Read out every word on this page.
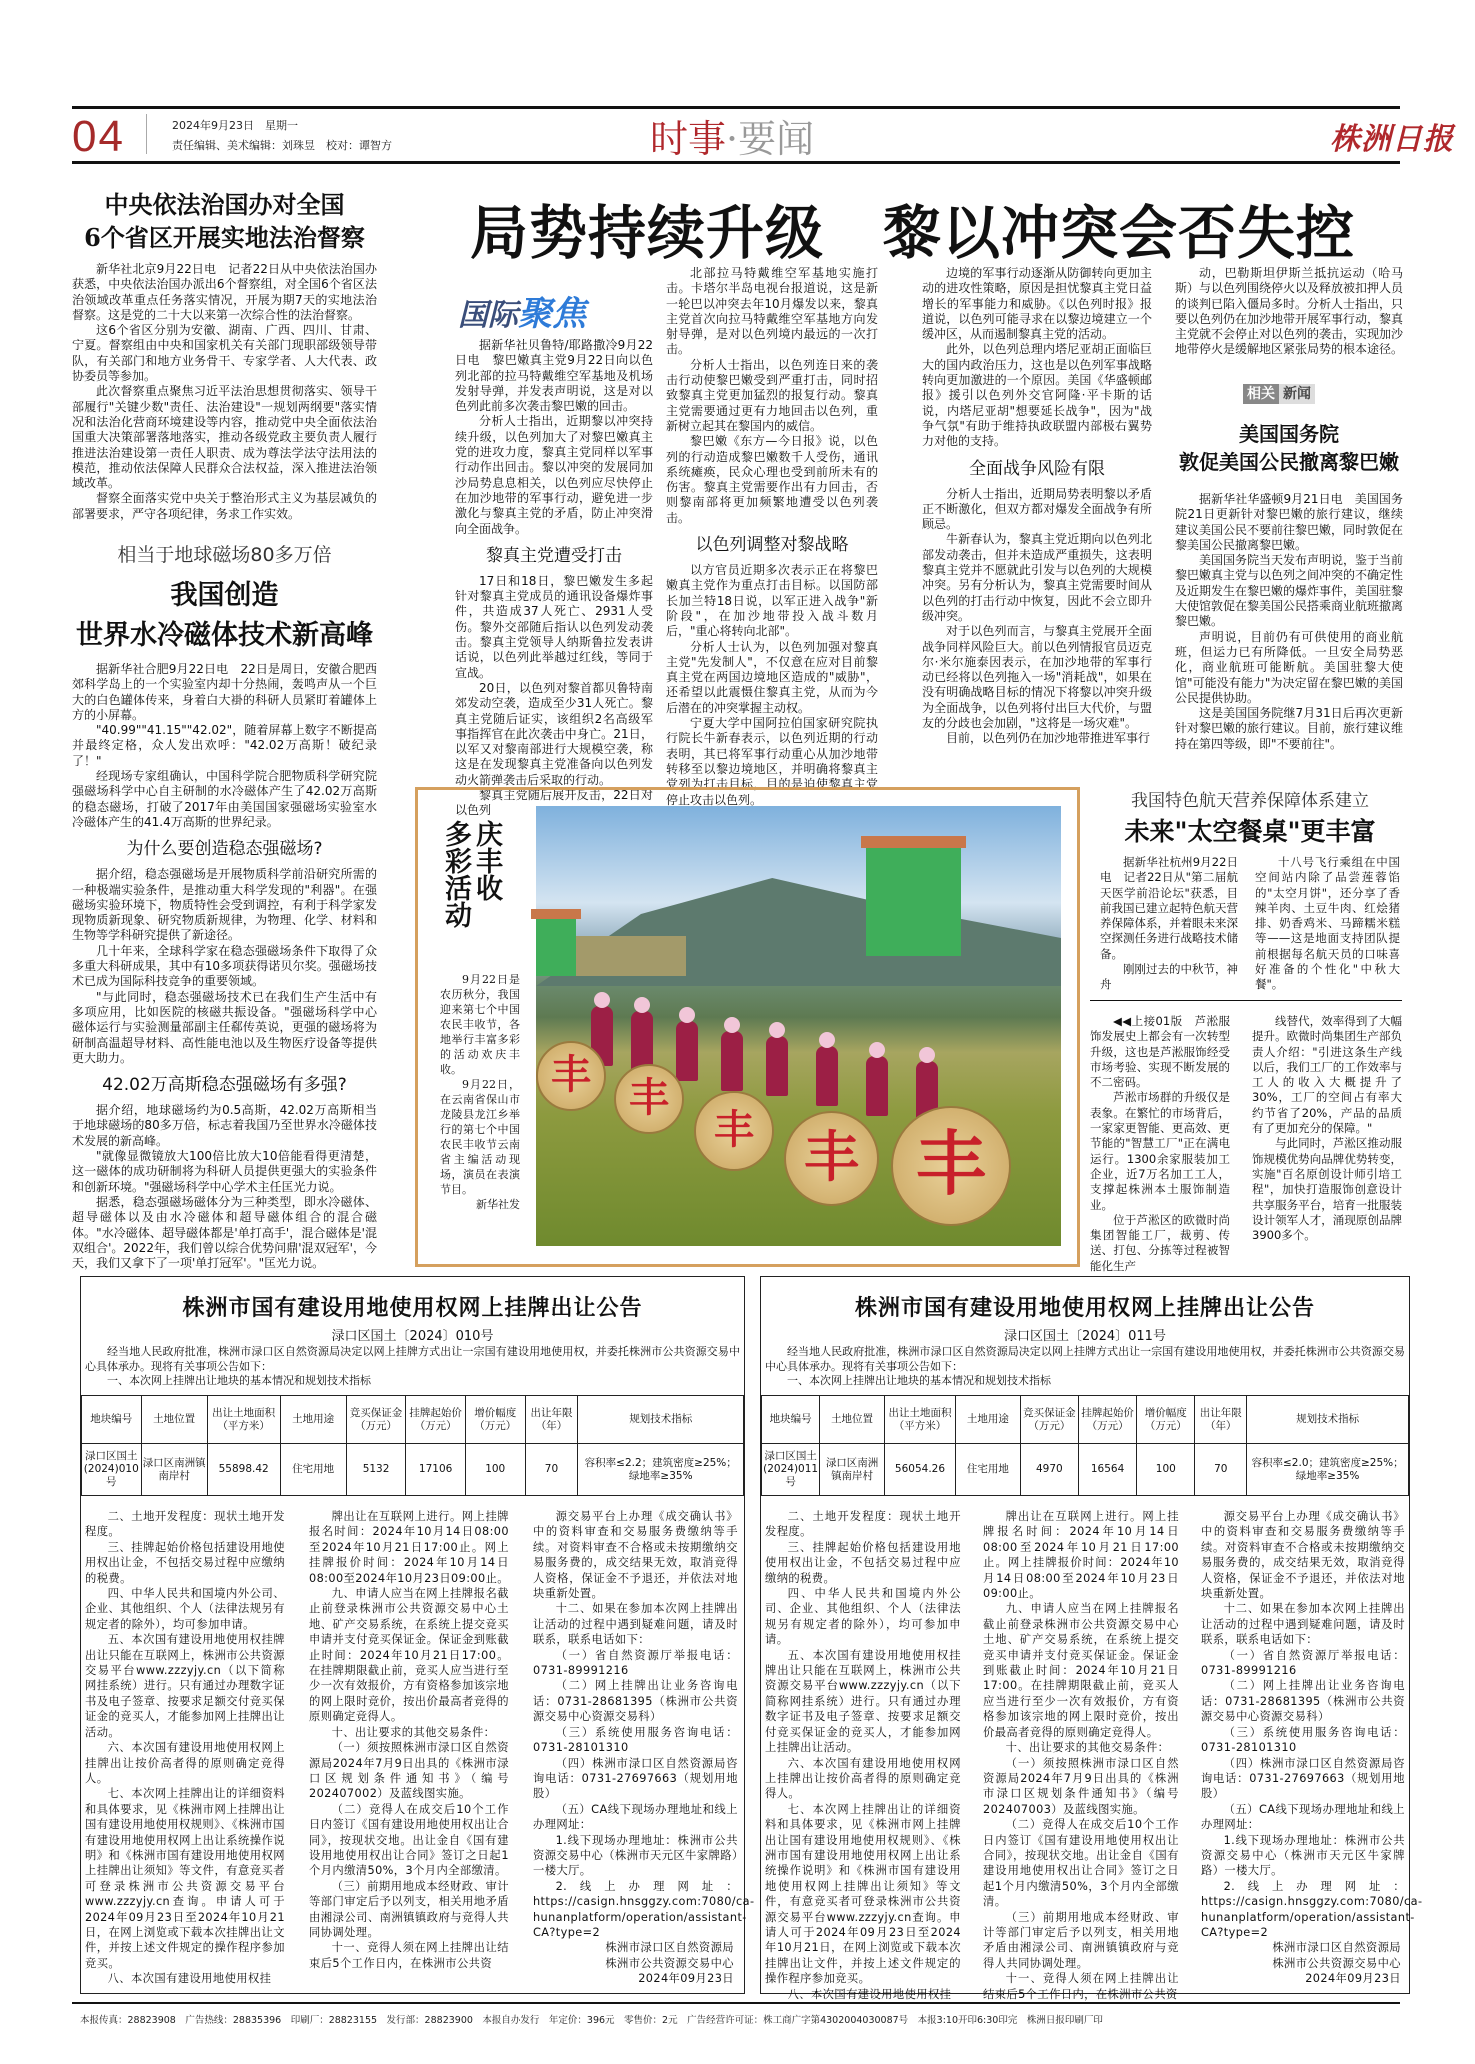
04	2024年9月23日　星期一
责任编辑、美术编辑：刘珠昱　校对：谭智方	时事·要闻	株洲日报
中央依法治国办对全国
6个省区开展实地法治督察

新华社北京9月22日电　记者22日从中央依法治国办获悉，中央依法治国办派出6个督察组，对全国6个省区法治领域改革重点任务落实情况，开展为期7天的实地法治督察。这是党的二十大以来第一次综合性的法治督察。

这6个省区分别为安徽、湖南、广西、四川、甘肃、宁夏。督察组由中央和国家机关有关部门现职部级领导带队，有关部门和地方业务骨干、专家学者、人大代表、政协委员等参加。

此次督察重点聚焦习近平法治思想贯彻落实、领导干部履行"关键少数"责任、法治建设"一规划两纲要"落实情况和法治化营商环境建设等内容，推动党中央全面依法治国重大决策部署落地落实，推动各级党政主要负责人履行推进法治建设第一责任人职责、成为尊法学法守法用法的模范，推动依法保障人民群众合法权益，深入推进法治领域改革。

督察全面落实党中央关于整治形式主义为基层减负的部署要求，严守各项纪律，务求工作实效。

相当于地球磁场80多万倍
我国创造
世界水冷磁体技术新高峰

据新华社合肥9月22日电　22日是周日，安徽合肥西郊科学岛上的一个实验室内却十分热闹，轰鸣声从一个巨大的白色罐体传来，身着白大褂的科研人员紧盯着罐体上方的小屏幕。

"40.99""41.15""42.02"，随着屏幕上数字不断提高并最终定格，众人发出欢呼："42.02万高斯！破纪录了！"

经现场专家组确认，中国科学院合肥物质科学研究院强磁场科学中心自主研制的水冷磁体产生了42.02万高斯的稳态磁场，打破了2017年由美国国家强磁场实验室水冷磁体产生的41.4万高斯的世界纪录。

为什么要创造稳态强磁场?

据介绍，稳态强磁场是开展物质科学前沿研究所需的一种极端实验条件，是推动重大科学发现的"利器"。在强磁场实验环境下，物质特性会受到调控，有利于科学家发现物质新现象、研究物质新规律，为物理、化学、材料和生物等学科研究提供了新途径。

几十年来，全球科学家在稳态强磁场条件下取得了众多重大科研成果，其中有10多项获得诺贝尔奖。强磁场技术已成为国际科技竞争的重要领域。

"与此同时，稳态强磁场技术已在我们生产生活中有多项应用，比如医院的核磁共振设备。"强磁场科学中心磁体运行与实验测量部副主任郗传英说，更强的磁场将为研制高温超导材料、高性能电池以及生物医疗设备等提供更大助力。

42.02万高斯稳态强磁场有多强?

据介绍，地球磁场约为0.5高斯，42.02万高斯相当于地球磁场的80多万倍，标志着我国乃至世界水冷磁体技术发展的新高峰。

"就像显微镜放大100倍比放大10倍能看得更清楚，这一磁体的成功研制将为科研人员提供更强大的实验条件和创新环境。"强磁场科学中心学术主任匡光力说。

据悉，稳态强磁场磁体分为三种类型，即水冷磁体、超导磁体以及由水冷磁体和超导磁体组合的混合磁体。"水冷磁体、超导磁体都是'单打高手'，混合磁体是'混双组合'。2022年，我们曾以综合优势问鼎'混双冠军'，今天，我们又拿下了一项'单打冠军'。"匡光力说。

局势持续升级　黎以冲突会否失控
国际聚焦

据新华社贝鲁特/耶路撒冷9月22日电　黎巴嫩真主党9月22日向以色列北部的拉马特戴维空军基地及机场发射导弹，并发表声明说，这是对以色列此前多次袭击黎巴嫩的回击。

分析人士指出，近期黎以冲突持续升级，以色列加大了对黎巴嫩真主党的进攻力度，黎真主党同样以军事行动作出回击。黎以冲突的发展同加沙局势息息相关，以色列应尽快停止在加沙地带的军事行动，避免进一步激化与黎真主党的矛盾，防止冲突滑向全面战争。

黎真主党遭受打击

17日和18日，黎巴嫩发生多起针对黎真主党成员的通讯设备爆炸事件，共造成37人死亡、2931人受伤。黎外交部随后指认以色列发动袭击。黎真主党领导人纳斯鲁拉发表讲话说，以色列此举越过红线，等同于宣战。

20日，以色列对黎首都贝鲁特南郊发动空袭，造成至少31人死亡。黎真主党随后证实，该组织2名高级军事指挥官在此次袭击中身亡。21日，以军又对黎南部进行大规模空袭，称这是在发现黎真主党准备向以色列发动火箭弹袭击后采取的行动。

黎真主党随后展开反击，22日对以色列

北部拉马特戴维空军基地实施打击。卡塔尔半岛电视台报道说，这是新一轮巴以冲突去年10月爆发以来，黎真主党首次向拉马特戴维空军基地方向发射导弹，是对以色列境内最远的一次打击。

分析人士指出，以色列连日来的袭击行动使黎巴嫩受到严重打击，同时招致黎真主党更加猛烈的报复行动。黎真主党需要通过更有力地回击以色列，重新树立起其在黎国内的威信。

黎巴嫩《东方—今日报》说，以色列的行动造成黎巴嫩数千人受伤，通讯系统瘫痪，民众心理也受到前所未有的伤害。黎真主党需要作出有力回击，否则黎南部将更加频繁地遭受以色列袭击。

以色列调整对黎战略

以方官员近期多次表示正在将黎巴嫩真主党作为重点打击目标。以国防部长加兰特18日说，以军正进入战争"新阶段"，在加沙地带投入战斗数月后，"重心将转向北部"。

分析人士认为，以色列加强对黎真主党"先发制人"，不仅意在应对目前黎真主党在两国边境地区造成的"威胁"，还希望以此震慑住黎真主党，从而为今后潜在的冲突掌握主动权。

宁夏大学中国阿拉伯国家研究院执行院长牛新春表示，以色列近期的行动表明，其已将军事行动重心从加沙地带转移至以黎边境地区，并明确将黎真主党列为打击目标，目的是迫使黎真主党停止攻击以色列。

边境的军事行动逐渐从防御转向更加主动的进攻性策略，原因是担忧黎真主党日益增长的军事能力和威胁。《以色列时报》报道说，以色列可能寻求在以黎边境建立一个缓冲区，从而遏制黎真主党的活动。

此外，以色列总理内塔尼亚胡正面临巨大的国内政治压力，这也是以色列军事战略转向更加激进的一个原因。美国《华盛顿邮报》援引以色列外交官阿隆·平卡斯的话说，内塔尼亚胡"想要延长战争"，因为"战争气氛"有助于维持执政联盟内部极右翼势力对他的支持。

全面战争风险有限

分析人士指出，近期局势表明黎以矛盾正不断激化，但双方都对爆发全面战争有所顾忌。

牛新春认为，黎真主党近期向以色列北部发动袭击，但并未造成严重损失，这表明黎真主党并不愿就此引发与以色列的大规模冲突。另有分析认为，黎真主党需要时间从以色列的打击行动中恢复，因此不会立即升级冲突。

对于以色列而言，与黎真主党展开全面战争同样风险巨大。前以色列情报官员迈克尔·米尔施泰因表示，在加沙地带的军事行动已经将以色列拖入一场"消耗战"，如果在没有明确战略目标的情况下将黎以冲突升级为全面战争，以色列将付出巨大代价，与盟友的分歧也会加剧，"这将是一场灾难"。

目前，以色列仍在加沙地带推进军事行

动，巴勒斯坦伊斯兰抵抗运动（哈马斯）与以色列围绕停火以及释放被扣押人员的谈判已陷入僵局多时。分析人士指出，只要以色列仍在加沙地带开展军事行动，黎真主党就不会停止对以色列的袭击，实现加沙地带停火是缓解地区紧张局势的根本途径。

相关 新闻
美国国务院
敦促美国公民撤离黎巴嫩

据新华社华盛顿9月21日电　美国国务院21日更新针对黎巴嫩的旅行建议，继续建议美国公民不要前往黎巴嫩，同时敦促在黎美国公民撤离黎巴嫩。

美国国务院当天发布声明说，鉴于当前黎巴嫩真主党与以色列之间冲突的不确定性及近期发生在黎巴嫩的爆炸事件，美国驻黎大使馆敦促在黎美国公民搭乘商业航班撤离黎巴嫩。

声明说，目前仍有可供使用的商业航班，但运力已有所降低。一旦安全局势恶化，商业航班可能断航。美国驻黎大使馆"可能没有能力"为决定留在黎巴嫩的美国公民提供协助。

这是美国国务院继7月31日后再次更新针对黎巴嫩的旅行建议。目前，旅行建议维持在第四等级，即"不要前往"。

庆丰收
多彩活动

9月22日是农历秋分，我国迎来第七个中国农民丰收节，各地举行丰富多彩的活动欢庆丰收。

9月22日，在云南省保山市龙陵县龙江乡举行的第七个中国农民丰收节云南省主编活动现场，演员在表演节目。

新华社发

丰 丰
丰 丰 丰
我国特色航天营养保障体系建立
未来"太空餐桌"更丰富

据新华社杭州9月22日电　记者22日从"第二届航天医学前沿论坛"获悉，目前我国已建立起特色航天营养保障体系，并着眼未来深空探测任务进行战略技术储备。

刚刚过去的中秋节，神舟

十八号飞行乘组在中国空间站内除了品尝莲蓉馅的"太空月饼"，还分享了香辣羊肉、土豆牛肉、红烩猪排、奶香鸡米、马蹄糯米糕等——这是地面支持团队提前根据每名航天员的口味喜好准备的个性化"中秋大餐"。

◀◀上接01版　芦淞服饰发展史上都会有一次转型升级，这也是芦淞服饰经受市场考验、实现不断发展的不二密码。

芦淞市场群的升级仅是表象。在繁忙的市场背后，一家家更智能、更高效、更节能的"智慧工厂"正在满电运行。1300余家服装加工企业，近7万名加工工人，支撑起株洲本土服饰制造业。

位于芦淞区的欧微时尚集团智能工厂，裁剪、传送、打包、分拣等过程被智能化生产

线替代，效率得到了大幅提升。欧微时尚集团生产部负责人介绍："引进这条生产线以后，我们工厂的工作效率与工人的收入大概提升了30%，工厂的空间占有率大约节省了20%，产品的品质有了更加充分的保障。"

与此同时，芦淞区推动服饰规模优势向品牌优势转变，实施"百名原创设计师引培工程"，加快打造服饰创意设计共享服务平台，培育一批服装设计领军人才，涌现原创品牌3900多个。

株洲市国有建设用地使用权网上挂牌出让公告
渌口区国土〔2024〕010号

经当地人民政府批准，株洲市渌口区自然资源局决定以网上挂牌方式出让一宗国有建设用地使用权，并委托株洲市公共资源交易中心具体承办。现将有关事项公告如下：

一、本次网上挂牌出让地块的基本情况和规划技术指标

地块编号	土地位置	出让土地面积（平方米）	土地用途	竞买保证金（万元）	挂牌起始价（万元）	增价幅度（万元）	出让年限（年）	规划技术指标
渌口区国土(2024)010号	渌口区南洲镇南岸村	55898.42	住宅用地	5132	17106	100	70	容积率≤2.2；建筑密度≥25%；绿地率≥35%

二、土地开发程度：现状土地开发程度。

三、挂牌起始价格包括建设用地使用权出让金，不包括交易过程中应缴纳的税费。

四、中华人民共和国境内外公司、企业、其他组织、个人（法律法规另有规定者的除外），均可参加申请。

五、本次国有建设用地使用权挂牌出让只能在互联网上，株洲市公共资源交易平台www.zzzyjy.cn（以下简称网挂系统）进行。只有通过办理数字证书及电子签章、按要求足额交付竞买保证金的竞买人，才能参加网上挂牌出让活动。

六、本次国有建设用地使用权网上挂牌出让按价高者得的原则确定竞得人。

七、本次网上挂牌出让的详细资料和具体要求，见《株洲市网上挂牌出让国有建设用地使用权规则》、《株洲市国有建设用地使用权网上出让系统操作说明》和《株洲市国有建设用地使用权网上挂牌出让须知》等文件，有意竞买者可登录株洲市公共资源交易平台www.zzzyjy.cn查询。申请人可于2024年09月23日至2024年10月21日，在网上浏览或下载本次挂牌出让文件，并按上述文件规定的操作程序参加竞买。

八、本次国有建设用地使用权挂

牌出让在互联网上进行。网上挂牌报名时间：2024年10月14日08:00至2024年10月21日17:00止。网上挂牌报价时间：2024年10月14日08:00至2024年10月23日09:00止。

九、申请人应当在网上挂牌报名截止前登录株洲市公共资源交易中心土地、矿产交易系统，在系统上提交竞买申请并支付竞买保证金。保证金到账截止时间：2024年10月21日17:00。在挂牌期限截止前，竞买人应当进行至少一次有效报价，方有资格参加该宗地的网上限时竞价，按出价最高者竞得的原则确定竞得人。

十、出让要求的其他交易条件：

（一）须按照株洲市渌口区自然资源局2024年7月9日出具的《株洲市渌口区规划条件通知书》（编号202407002）及蓝线图实施。

（二）竞得人在成交后10个工作日内签订《国有建设用地使用权出让合同》，按现状交地。出让金自《国有建设用地使用权出让合同》签订之日起1个月内缴清50%，3个月内全部缴清。

（三）前期用地成本经财政、审计等部门审定后予以列支，相关用地矛盾由湘渌公司、南洲镇镇政府与竞得人共同协调处理。

十一、竞得人须在网上挂牌出让结束后5个工作日内，在株洲市公共资

源交易平台上办理《成交确认书》中的资料审查和交易服务费缴纳等手续。对资料审查不合格或未按期缴纳交易服务费的，成交结果无效，取消竞得人资格，保证金不予退还，并依法对地块重新处置。

十二、如果在参加本次网上挂牌出让活动的过程中遇到疑难问题，请及时联系，联系电话如下：

（一）省自然资源厅举报电话：0731-89991216

（二）网上挂牌出让业务咨询电话：0731-28681395（株洲市公共资源交易中心资源交易科）

（三）系统使用服务咨询电话：0731-28101310

（四）株洲市渌口区自然资源局咨询电话：0731-27697663（规划用地股）

（五）CA线下现场办理地址和线上办理网址：

1.线下现场办理地址：株洲市公共资源交易中心（株洲市天元区牛家牌路）一楼大厅。

2.线上办理网址：https://casign.hnsggzy.com:7080/ca-hunanplatform/operation/assistant-CA?type=2

株洲市渌口区自然资源局

株洲市公共资源交易中心

2024年09月23日

株洲市国有建设用地使用权网上挂牌出让公告
渌口区国土〔2024〕011号

经当地人民政府批准，株洲市渌口区自然资源局决定以网上挂牌方式出让一宗国有建设用地使用权，并委托株洲市公共资源交易中心具体承办。现将有关事项公告如下：

一、本次网上挂牌出让地块的基本情况和规划技术指标

地块编号	土地位置	出让土地面积（平方米）	土地用途	竞买保证金（万元）	挂牌起始价（万元）	增价幅度（万元）	出让年限（年）	规划技术指标
渌口区国土(2024)011号	渌口区南洲镇南岸村	56054.26	住宅用地	4970	16564	100	70	容积率≤2.0；建筑密度≥25%；绿地率≥35%

二、土地开发程度：现状土地开发程度。

三、挂牌起始价格包括建设用地使用权出让金，不包括交易过程中应缴纳的税费。

四、中华人民共和国境内外公司、企业、其他组织、个人（法律法规另有规定者的除外），均可参加申请。

五、本次国有建设用地使用权挂牌出让只能在互联网上，株洲市公共资源交易平台www.zzzyjy.cn（以下简称网挂系统）进行。只有通过办理数字证书及电子签章、按要求足额交付竞买保证金的竞买人，才能参加网上挂牌出让活动。

六、本次国有建设用地使用权网上挂牌出让按价高者得的原则确定竞得人。

七、本次网上挂牌出让的详细资料和具体要求，见《株洲市网上挂牌出让国有建设用地使用权规则》、《株洲市国有建设用地使用权网上出让系统操作说明》和《株洲市国有建设用地使用权网上挂牌出让须知》等文件，有意竞买者可登录株洲市公共资源交易平台www.zzzyjy.cn查询。申请人可于2024年09月23日至2024年10月21日，在网上浏览或下载本次挂牌出让文件，并按上述文件规定的操作程序参加竞买。

八、本次国有建设用地使用权挂

牌出让在互联网上进行。网上挂牌报名时间：2024年10月14日08:00至2024年10月21日17:00止。网上挂牌报价时间：2024年10月14日08:00至2024年10月23日09:00止。

九、申请人应当在网上挂牌报名截止前登录株洲市公共资源交易中心土地、矿产交易系统，在系统上提交竞买申请并支付竞买保证金。保证金到账截止时间：2024年10月21日17:00。在挂牌期限截止前，竞买人应当进行至少一次有效报价，方有资格参加该宗地的网上限时竞价，按出价最高者竞得的原则确定竞得人。

十、出让要求的其他交易条件：

（一）须按照株洲市渌口区自然资源局2024年7月9日出具的《株洲市渌口区规划条件通知书》（编号202407003）及蓝线图实施。

（二）竞得人在成交后10个工作日内签订《国有建设用地使用权出让合同》，按现状交地。出让金自《国有建设用地使用权出让合同》签订之日起1个月内缴清50%，3个月内全部缴清。

（三）前期用地成本经财政、审计等部门审定后予以列支，相关用地矛盾由湘渌公司、南洲镇镇政府与竞得人共同协调处理。

十一、竞得人须在网上挂牌出让结束后5个工作日内，在株洲市公共资

源交易平台上办理《成交确认书》中的资料审查和交易服务费缴纳等手续。对资料审查不合格或未按期缴纳交易服务费的，成交结果无效，取消竞得人资格，保证金不予退还，并依法对地块重新处置。

十二、如果在参加本次网上挂牌出让活动的过程中遇到疑难问题，请及时联系，联系电话如下：

（一）省自然资源厅举报电话：0731-89991216

（二）网上挂牌出让业务咨询电话：0731-28681395（株洲市公共资源交易中心资源交易科）

（三）系统使用服务咨询电话：0731-28101310

（四）株洲市渌口区自然资源局咨询电话：0731-27697663（规划用地股）

（五）CA线下现场办理地址和线上办理网址：

1.线下现场办理地址：株洲市公共资源交易中心（株洲市天元区牛家牌路）一楼大厅。

2.线上办理网址：https://casign.hnsggzy.com:7080/ca-hunanplatform/operation/assistant-CA?type=2

株洲市渌口区自然资源局

株洲市公共资源交易中心

2024年09月23日

本报传真：28823908　广告热线：28835396　印刷厂：28823155　发行部：28823900　本报自办发行　年定价：396元　零售价：2元　广告经营许可证：株工商广字第4302004030087号　本报3:10开印6:30印完　株洲日报印刷厂印
